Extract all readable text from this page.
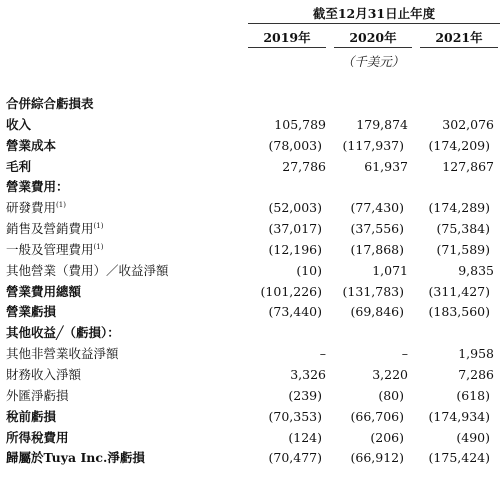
截至12月31日止年度
2019年	2020年	2021年
（千美元）
合併綜合虧損表
收入	105,789 179,874	302,076
營業成本	(78,003) (117,937) (174,209)
毛利	27,786	61,937	127,867
營業費用：
研發費用$^{(1)}$	(52,003) (77,430) (174,289)
銷售及營銷費用$^{(1)}$	(37,017) (37,556)	(75,384)
一般及管理費用$^{(1)}$	(12,196) (17,868)	(71,589)
其他營業（費用）／收益淨額	(10)	1,071	9,835
營業費用總額	(101,226) (131,783) (311,427)
營業虧損	(73,440) (69,846) (183,560)
其他收益╱（虧損）：
其他非營業收益淨額	–	–	1,958
財務收入淨額	3,326	3,220	7,286
外匯淨虧損	(239)	(80)	(618)
稅前虧損	(70,353) (66,706) (174,934)
所得稅費用	(124)	(206)	(490)
歸屬於Tuya Inc.淨虧損	(70,477) (66,912) (175,424)
